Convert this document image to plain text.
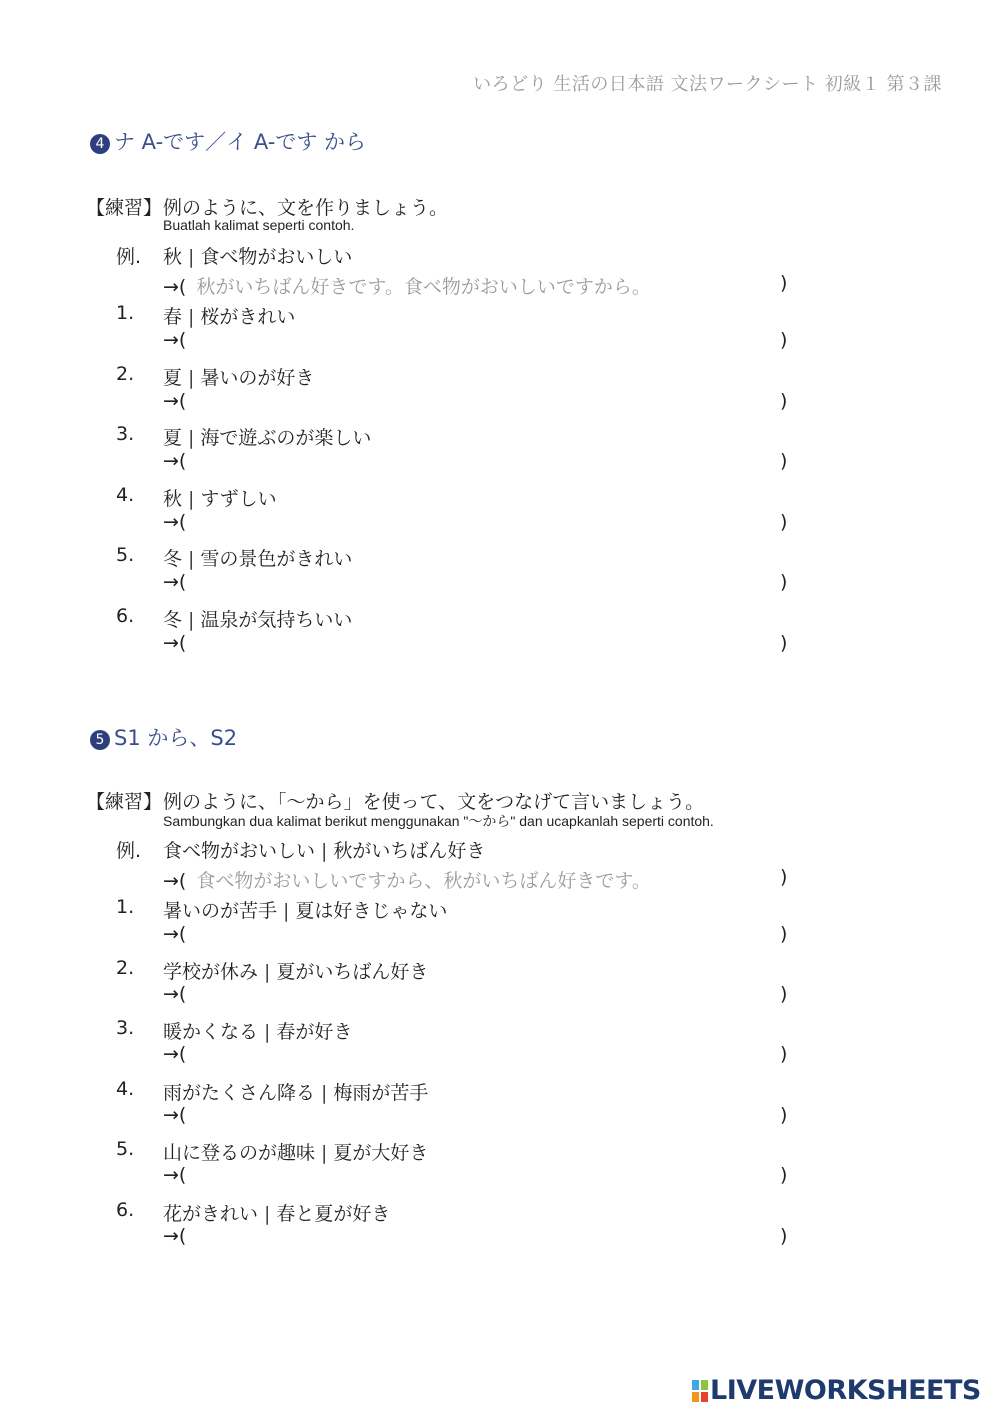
いろどり 生活の日本語 文法ワークシート 初級１ 第３課
4 ナ A-です／イ A-です から
【練習】 例のように、文を作りましょう。
Buatlah kalimat seperti contoh.
例. 秋 | 食べ物がおいしい
→( 秋がいちばん好きです。食べ物がおいしいですから。	)
1. 春 | 桜がきれい
→(	)
2. 夏 | 暑いのが好き
→(	)
3. 夏 | 海で遊ぶのが楽しい
→(	)
4. 秋 | すずしい
→(	)
5. 冬 | 雪の景色がきれい
→(	)
6. 冬 | 温泉が気持ちいい
→(	)
5 S1 から、S2
【練習】 例のように、「～から」を使って、文をつなげて言いましょう。
Sambungkan dua kalimat berikut menggunakan "～から" dan ucapkanlah seperti contoh.
例. 食べ物がおいしい | 秋がいちばん好き
→( 食べ物がおいしいですから、秋がいちばん好きです。	)
1. 暑いのが苦手 | 夏は好きじゃない
→(	)
2. 学校が休み | 夏がいちばん好き
→(	)
3. 暖かくなる | 春が好き
→(	)
4. 雨がたくさん降る | 梅雨が苦手
→(	)
5. 山に登るのが趣味 | 夏が大好き
→(	)
6. 花がきれい | 春と夏が好き
→(	)
LIVEWORKSHEETS
